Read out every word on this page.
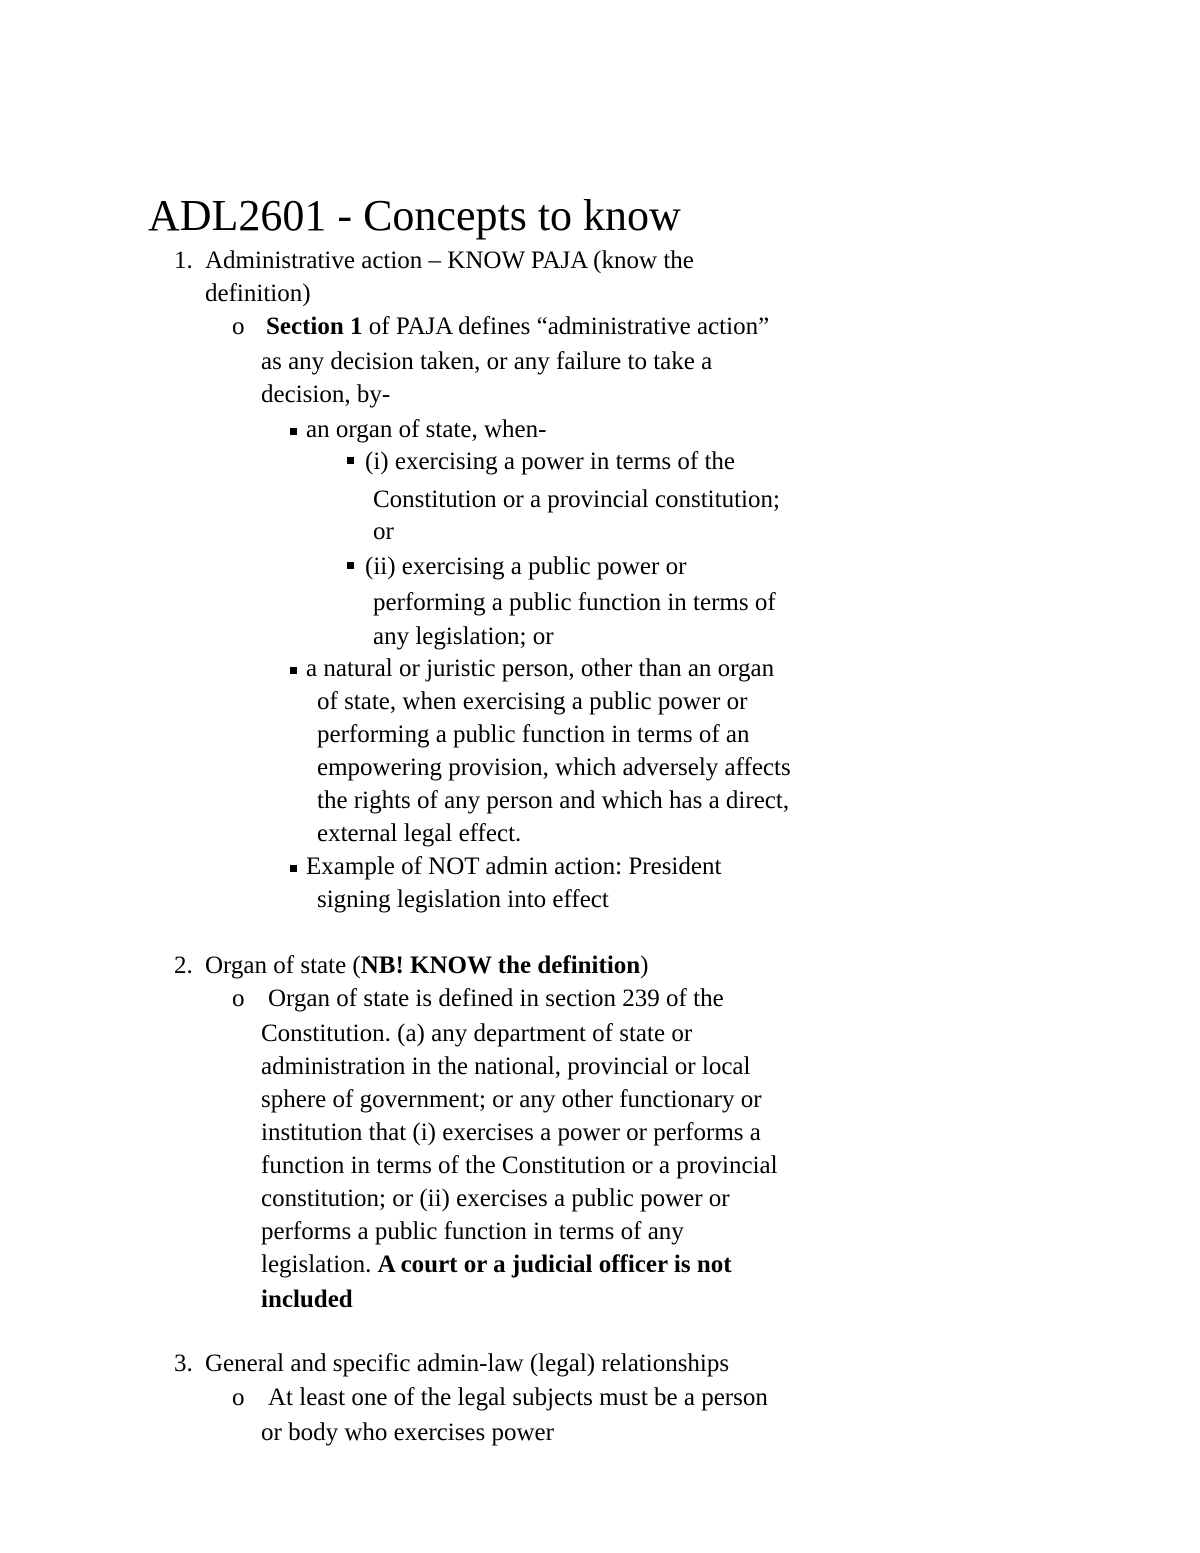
ADL2601 - Concepts to know
1. Administrative action – KNOW PAJA (know the
definition)
o Section 1 of PAJA defines “administrative action”
as any decision taken, or any failure to take a
decision, by-
an organ of state, when-
(i) exercising a power in terms of the
Constitution or a provincial constitution;
or
(ii) exercising a public power or
performing a public function in terms of
any legislation; or
a natural or juristic person, other than an organ
of state, when exercising a public power or
performing a public function in terms of an
empowering provision, which adversely affects
the rights of any person and which has a direct,
external legal effect.
Example of NOT admin action: President
signing legislation into effect
2. Organ of state (NB! KNOW the definition)
o Organ of state is defined in section 239 of the
Constitution. (a) any department of state or
administration in the national, provincial or local
sphere of government; or any other functionary or
institution that (i) exercises a power or performs a
function in terms of the Constitution or a provincial
constitution; or (ii) exercises a public power or
performs a public function in terms of any
legislation. A court or a judicial officer is not
included
3. General and specific admin-law (legal) relationships
o At least one of the legal subjects must be a person
or body who exercises power
